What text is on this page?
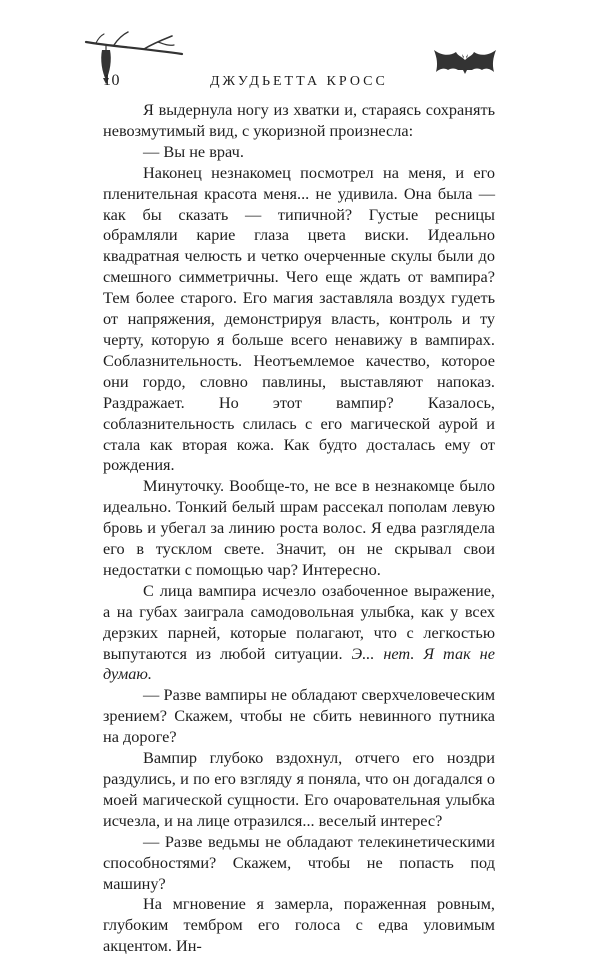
10	ДЖУДЬЕТТА КРОСС

Я выдернула ногу из хватки и, стараясь сохранять невозмутимый вид, с укоризной произнесла:

— Вы не врач.

Наконец незнакомец посмотрел на меня, и его пленительная красота меня... не удивила. Она была — как бы сказать — типичной? Густые ресницы обрамляли карие глаза цвета виски. Идеально квадратная челюсть и четко очерченные скулы были до смешного симметричны. Чего еще ждать от вампира? Тем более старого. Его магия заставляла воздух гудеть от напряжения, демонстрируя власть, контроль и ту черту, которую я больше всего ненавижу в вампирах. Соблазнительность. Неотъемлемое качество, которое они гордо, словно павлины, выставляют напоказ. Раздражает. Но этот вампир? Казалось, соблазнительность слилась с его магической аурой и стала как вторая кожа. Как будто досталась ему от рождения.

Минуточку. Вообще-то, не все в незнакомце было идеально. Тонкий белый шрам рассекал пополам левую бровь и убегал за линию роста волос. Я едва разглядела его в тусклом свете. Значит, он не скрывал свои недостатки с помощью чар? Интересно.

С лица вампира исчезло озабоченное выражение, а на губах заиграла самодовольная улыбка, как у всех дерзких парней, которые полагают, что с легкостью выпутаются из любой ситуации. Э... нет. Я так не думаю.

— Разве вампиры не обладают сверхчеловеческим зрением? Скажем, чтобы не сбить невинного путника на дороге?

Вампир глубоко вздохнул, отчего его ноздри раздулись, и по его взгляду я поняла, что он догадался о моей магической сущности. Его очаровательная улыбка исчезла, и на лице отразился... веселый интерес?

— Разве ведьмы не обладают телекинетическими способностями? Скажем, чтобы не попасть под машину?

На мгновение я замерла, пораженная ровным, глубоким тембром его голоса с едва уловимым акцентом. Ин-
